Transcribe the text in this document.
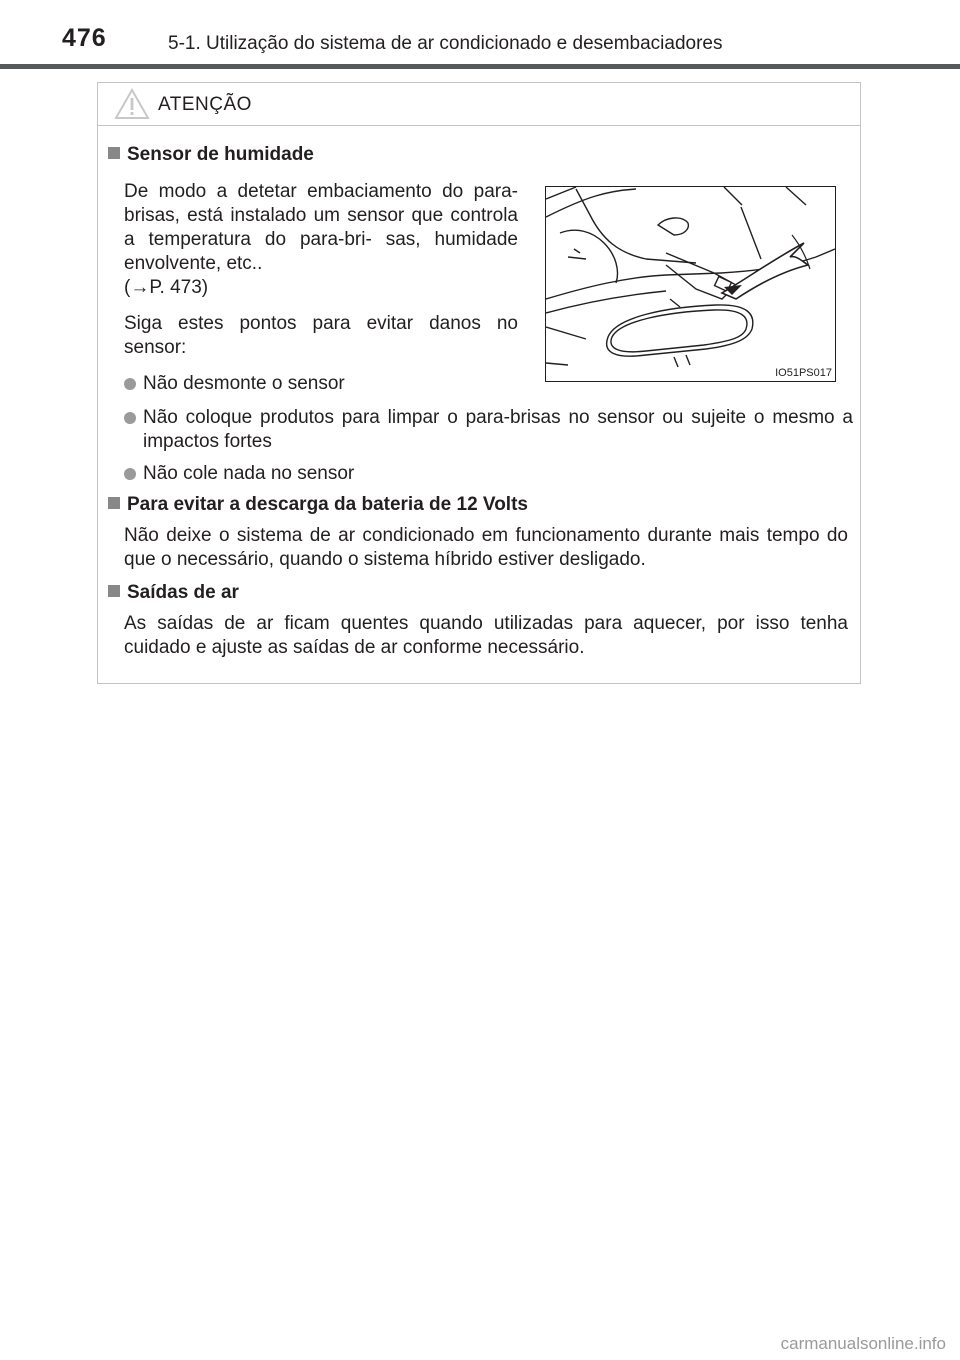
476	5-1. Utilização do sistema de ar condicionado e desembaciadores
ATENÇÃO
Sensor de humidade
De modo a detetar embaciamento do para-brisas, está instalado um sensor que controla a temperatura do para-bri- sas, humidade envolvente, etc..
(→P. 473)
Siga estes pontos para evitar danos no sensor:
Não desmonte o sensor
Não coloque produtos para limpar o para-brisas no sensor ou sujeite o mesmo a impactos fortes
Não cole nada no sensor
IO51PS017
Para evitar a descarga da bateria de 12 Volts
Não deixe o sistema de ar condicionado em funcionamento durante mais tempo do que o necessário, quando o sistema híbrido estiver desligado.
Saídas de ar
As saídas de ar ficam quentes quando utilizadas para aquecer, por isso tenha cuidado e ajuste as saídas de ar conforme necessário.
carmanualsonline.info
